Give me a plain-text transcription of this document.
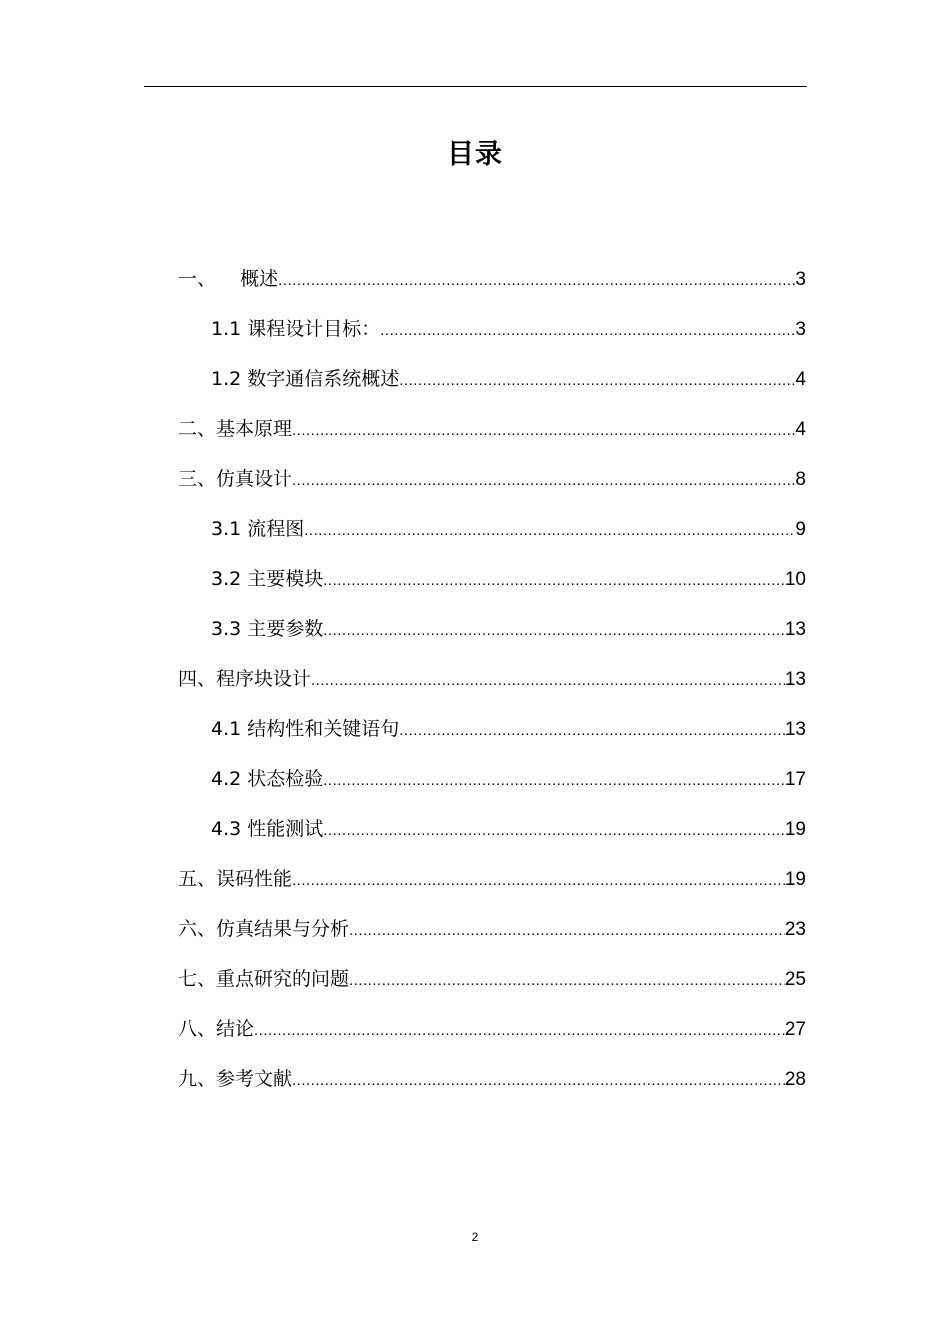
目录
一、    概述 .....	3
1.1 课程设计目标： .....	3
1.2 数字通信系统概述 .....	4
二、基本原理 .....	4
三、仿真设计 .....	8
3.1 流程图 .....	9
3.2 主要模块 .....	10
3.3 主要参数 .....	13
四、程序块设计 .....	13
4.1 结构性和关键语句 .....	13
4.2 状态检验 .....	17
4.3 性能测试 .....	19
五、误码性能 .....	19
六、仿真结果与分析 .....	23
七、重点研究的问题 .....	25
八、结论 .....	27
九、参考文献 .....	28
2
